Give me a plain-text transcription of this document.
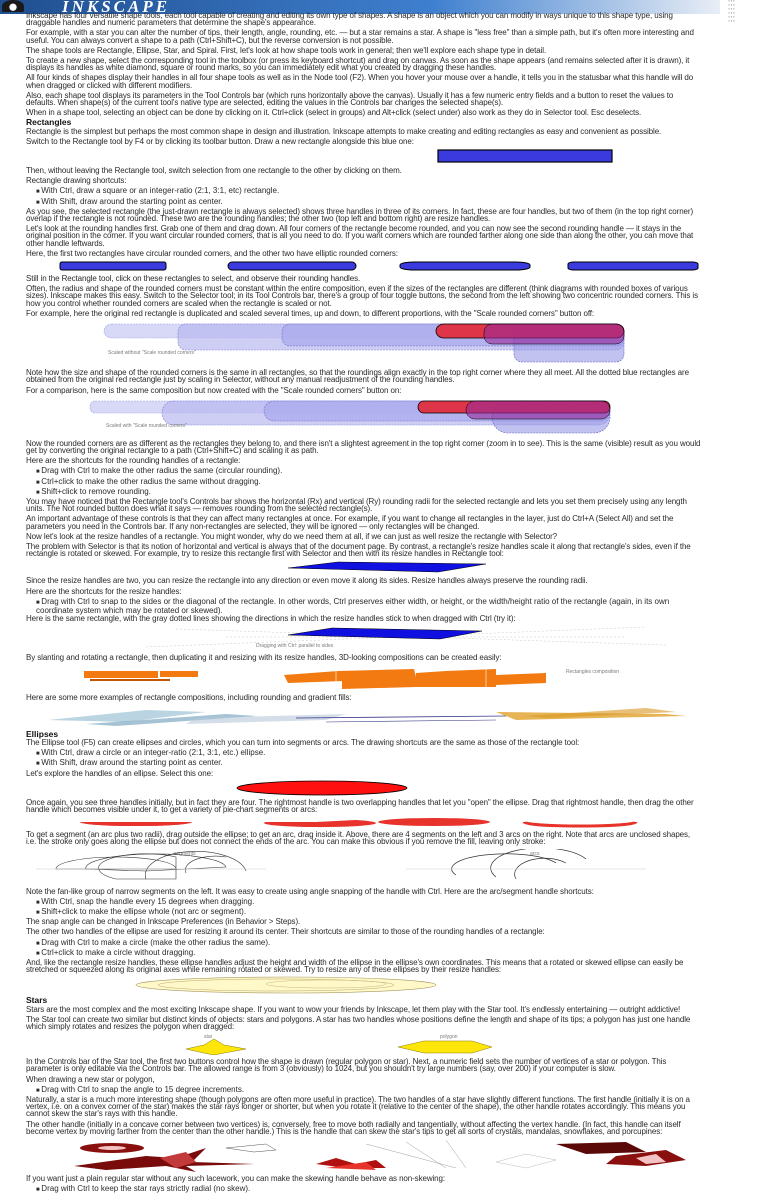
INKSCAPE	▪▪▪
▪▪▪
▪▪▪
▪▪▪
▪▪▪
▪▪▪

Inkscape has four versatile shape tools, each tool capable of creating and editing its own type of shapes. A shape is an object which you can modify in ways unique to this shape type, using draggable handles and numeric parameters that determine the shape's appearance.

For example, with a star you can alter the number of tips, their length, angle, rounding, etc. — but a star remains a star. A shape is "less free" than a simple path, but it's often more interesting and useful. You can always convert a shape to a path (Ctrl+Shift+C), but the reverse conversion is not possible.

The shape tools are Rectangle, Ellipse, Star, and Spiral. First, let's look at how shape tools work in general; then we'll explore each shape type in detail.

To create a new shape, select the corresponding tool in the toolbox (or press its keyboard shortcut) and drag on canvas. As soon as the shape appears (and remains selected after it is drawn), it displays its handles as white diamond, square or round marks, so you can immediately edit what you created by dragging these handles.

All four kinds of shapes display their handles in all four shape tools as well as in the Node tool (F2). When you hover your mouse over a handle, it tells you in the statusbar what this handle will do when dragged or clicked with different modifiers.

Also, each shape tool displays its parameters in the Tool Controls bar (which runs horizontally above the canvas). Usually it has a few numeric entry fields and a button to reset the values to defaults. When shape(s) of the current tool's native type are selected, editing the values in the Controls bar changes the selected shape(s).

When in a shape tool, selecting an object can be done by clicking on it. Ctrl+click (select in groups) and Alt+click (select under) also work as they do in Selector tool. Esc deselects.

Rectangles

Rectangle is the simplest but perhaps the most common shape in design and illustration. Inkscape attempts to make creating and editing rectangles as easy and convenient as possible.

Switch to the Rectangle tool by F4 or by clicking its toolbar button. Draw a new rectangle alongside this blue one:

Then, without leaving the Rectangle tool, switch selection from one rectangle to the other by clicking on them.

Rectangle drawing shortcuts:

■ With Ctrl, draw a square or an integer-ratio (2:1, 3:1, etc) rectangle.

■ With Shift, draw around the starting point as center.

As you see, the selected rectangle (the just-drawn rectangle is always selected) shows three handles in three of its corners. In fact, these are four handles, but two of them (in the top right corner) overlap if the rectangle is not rounded. These two are the rounding handles; the other two (top left and bottom right) are resize handles.

Let's look at the rounding handles first. Grab one of them and drag down. All four corners of the rectangle become rounded, and you can now see the second rounding handle — it stays in the original position in the corner. If you want circular rounded corners, that is all you need to do. If you want corners which are rounded farther along one side than along the other, you can move that other handle leftwards.

Here, the first two rectangles have circular rounded corners, and the other two have elliptic rounded corners:

Still in the Rectangle tool, click on these rectangles to select, and observe their rounding handles.

Often, the radius and shape of the rounded corners must be constant within the entire composition, even if the sizes of the rectangles are different (think diagrams with rounded boxes of various sizes). Inkscape makes this easy. Switch to the Selector tool; in its Tool Controls bar, there's a group of four toggle buttons, the second from the left showing two concentric rounded corners. This is how you control whether rounded corners are scaled when the rectangle is scaled or not.

For example, here the original red rectangle is duplicated and scaled several times, up and down, to different proportions, with the "Scale rounded corners" button off:

Scaled without "Scale rounded corners"

Note how the size and shape of the rounded corners is the same in all rectangles, so that the roundings align exactly in the top right corner where they all meet. All the dotted blue rectangles are obtained from the original red rectangle just by scaling in Selector, without any manual readjustment of the rounding handles.

For a comparison, here is the same composition but now created with the "Scale rounded corners" button on:

Scaled with "Scale rounded corners"

Now the rounded corners are as different as the rectangles they belong to, and there isn't a slightest agreement in the top right corner (zoom in to see). This is the same (visible) result as you would get by converting the original rectangle to a path (Ctrl+Shift+C) and scaling it as path.

Here are the shortcuts for the rounding handles of a rectangle:

■ Drag with Ctrl to make the other radius the same (circular rounding).

■ Ctrl+click to make the other radius the same without dragging.

■ Shift+click to remove rounding.

You may have noticed that the Rectangle tool's Controls bar shows the horizontal (Rx) and vertical (Ry) rounding radii for the selected rectangle and lets you set them precisely using any length units. The Not rounded button does what it says — removes rounding from the selected rectangle(s).

An important advantage of these controls is that they can affect many rectangles at once. For example, if you want to change all rectangles in the layer, just do Ctrl+A (Select All) and set the parameters you need in the Controls bar. If any non-rectangles are selected, they will be ignored — only rectangles will be changed.

Now let's look at the resize handles of a rectangle. You might wonder, why do we need them at all, if we can just as well resize the rectangle with Selector?

The problem with Selector is that its notion of horizontal and vertical is always that of the document page. By contrast, a rectangle's resize handles scale it along that rectangle's sides, even if the rectangle is rotated or skewed. For example, try to resize this rectangle first with Selector and then with its resize handles in Rectangle tool:

Since the resize handles are two, you can resize the rectangle into any direction or even move it along its sides. Resize handles always preserve the rounding radii.

Here are the shortcuts for the resize handles:

■ Drag with Ctrl to snap to the sides or the diagonal of the rectangle. In other words, Ctrl preserves either width, or height, or the width/height ratio of the rectangle (again, in its own coordinate system which may be rotated or skewed).

Here is the same rectangle, with the gray dotted lines showing the directions in which the resize handles stick to when dragged with Ctrl (try it):

Dragging with Ctrl: parallel to sides

By slanting and rotating a rectangle, then duplicating it and resizing with its resize handles, 3D-looking compositions can be created easily:

Rectangles composition

Here are some more examples of rectangle compositions, including rounding and gradient fills:

Ellipses

The Ellipse tool (F5) can create ellipses and circles, which you can turn into segments or arcs. The drawing shortcuts are the same as those of the rectangle tool:

■ With Ctrl, draw a circle or an integer-ratio (2:1, 3:1, etc.) ellipse.

■ With Shift, draw around the starting point as center.

Let's explore the handles of an ellipse. Select this one:

Once again, you see three handles initially, but in fact they are four. The rightmost handle is two overlapping handles that let you "open" the ellipse. Drag that rightmost handle, then drag the other handle which becomes visible under it, to get a variety of pie-chart segments or arcs:

To get a segment (an arc plus two radii), drag outside the ellipse; to get an arc, drag inside it. Above, there are 4 segments on the left and 3 arcs on the right. Note that arcs are unclosed shapes, i.e. the stroke only goes along the ellipse but does not connect the ends of the arc. You can make this obvious if you remove the fill, leaving only stroke:

segments	arcs

Note the fan-like group of narrow segments on the left. It was easy to create using angle snapping of the handle with Ctrl. Here are the arc/segment handle shortcuts:

■ With Ctrl, snap the handle every 15 degrees when dragging.

■ Shift+click to make the ellipse whole (not arc or segment).

The snap angle can be changed in Inkscape Preferences (in Behavior > Steps).

The other two handles of the ellipse are used for resizing it around its center. Their shortcuts are similar to those of the rounding handles of a rectangle:

■ Drag with Ctrl to make a circle (make the other radius the same).

■ Ctrl+click to make a circle without dragging.

And, like the rectangle resize handles, these ellipse handles adjust the height and width of the ellipse in the ellipse's own coordinates. This means that a rotated or skewed ellipse can easily be stretched or squeezed along its original axes while remaining rotated or skewed. Try to resize any of these ellipses by their resize handles:

Stars

Stars are the most complex and the most exciting Inkscape shape. If you want to wow your friends by Inkscape, let them play with the Star tool. It's endlessly entertaining — outright addictive!

The Star tool can create two similar but distinct kinds of objects: stars and polygons. A star has two handles whose positions define the length and shape of its tips; a polygon has just one handle which simply rotates and resizes the polygon when dragged:

star	polygon

In the Controls bar of the Star tool, the first two buttons control how the shape is drawn (regular polygon or star). Next, a numeric field sets the number of vertices of a star or polygon. This parameter is only editable via the Controls bar. The allowed range is from 3 (obviously) to 1024, but you shouldn't try large numbers (say, over 200) if your computer is slow.

When drawing a new star or polygon,

■ Drag with Ctrl to snap the angle to 15 degree increments.

Naturally, a star is a much more interesting shape (though polygons are often more useful in practice). The two handles of a star have slightly different functions. The first handle (initially it is on a vertex, i.e. on a convex corner of the star) makes the star rays longer or shorter, but when you rotate it (relative to the center of the shape), the other handle rotates accordingly. This means you cannot skew the star's rays with this handle.

The other handle (initially in a concave corner between two vertices) is, conversely, free to move both radially and tangentially, without affecting the vertex handle. (In fact, this handle can itself become vertex by moving farther from the center than the other handle.) This is the handle that can skew the star's tips to get all sorts of crystals, mandalas, snowflakes, and porcupines:

If you want just a plain regular star without any such lacework, you can make the skewing handle behave as non-skewing:

■ Drag with Ctrl to keep the star rays strictly radial (no skew).
